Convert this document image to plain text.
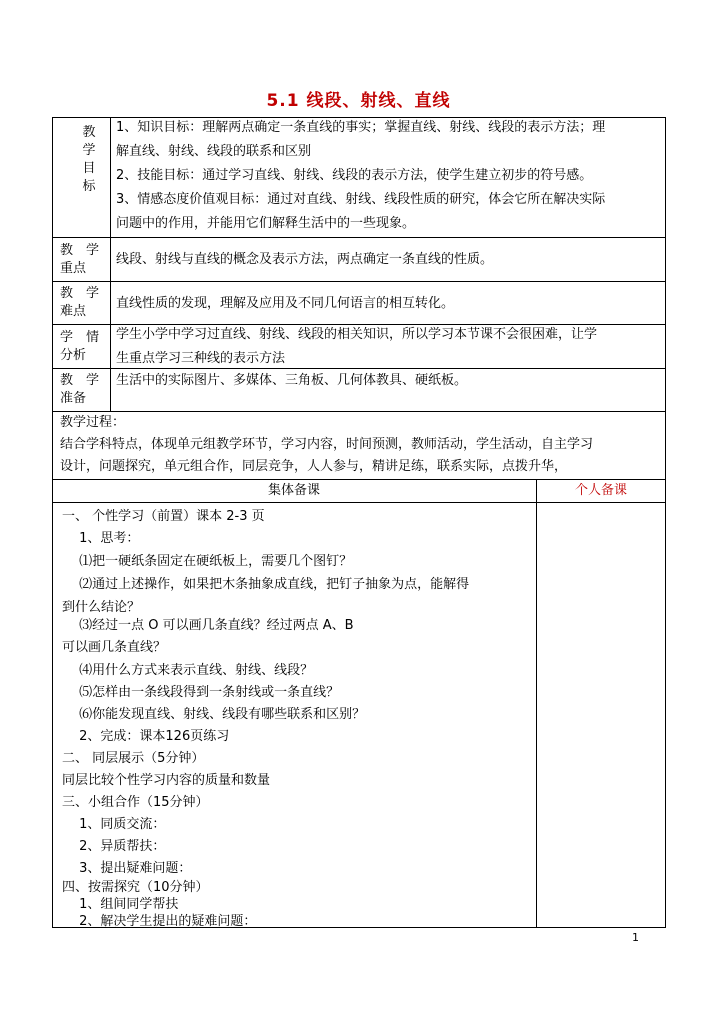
5.1 线段、射线、直线
教
学
目
标
1、知识目标：理解两点确定一条直线的事实；掌握直线、射线、线段的表示方法；理
解直线、射线、线段的联系和区别
2、技能目标：通过学习直线、射线、线段的表示方法，使学生建立初步的符号感。
3、情感态度价值观目标：通过对直线、射线、线段性质的研究，体会它所在解决实际
问题中的作用，并能用它们解释生活中的一些现象。
教　学
重点
线段、射线与直线的概念及表示方法，两点确定一条直线的性质。
教　学
难点
直线性质的发现，理解及应用及不同几何语言的相互转化。
学　情
分析
学生小学中学习过直线、射线、线段的相关知识，所以学习本节课不会很困难，让学
生重点学习三种线的表示方法
教　学
准备
生活中的实际图片、多媒体、三角板、几何体教具、硬纸板。
教学过程：
结合学科特点，体现单元组教学环节，学习内容，时间预测，教师活动，学生活动，自主学习
设计，问题探究，单元组合作，同层竞争，人人参与，精讲足练，联系实际，点拨升华，
集体备课	个人备课
一、 个性学习（前置）课本 2-3 页
　 1、思考：
　 ⑴把一硬纸条固定在硬纸板上，需要几个图钉？
　 ⑵通过上述操作，如果把木条抽象成直线，把钉子抽象为点，能解得
到什么结论？
　 ⑶经过一点 O 可以画几条直线？经过两点 A、B
可以画几条直线？
　 ⑷用什么方式来表示直线、射线、线段？
　 ⑸怎样由一条线段得到一条射线或一条直线？
　 ⑹你能发现直线、射线、线段有哪些联系和区别？
　 2、完成：课本126页练习
二、 同层展示（5分钟）
同层比较个性学习内容的质量和数量
三、小组合作（15分钟）
　 1、同质交流：
　 2、异质帮扶：
　 3、提出疑难问题：
四、按需探究（10分钟）
　 1、组间同学帮扶
　 2、解决学生提出的疑难问题：
1
